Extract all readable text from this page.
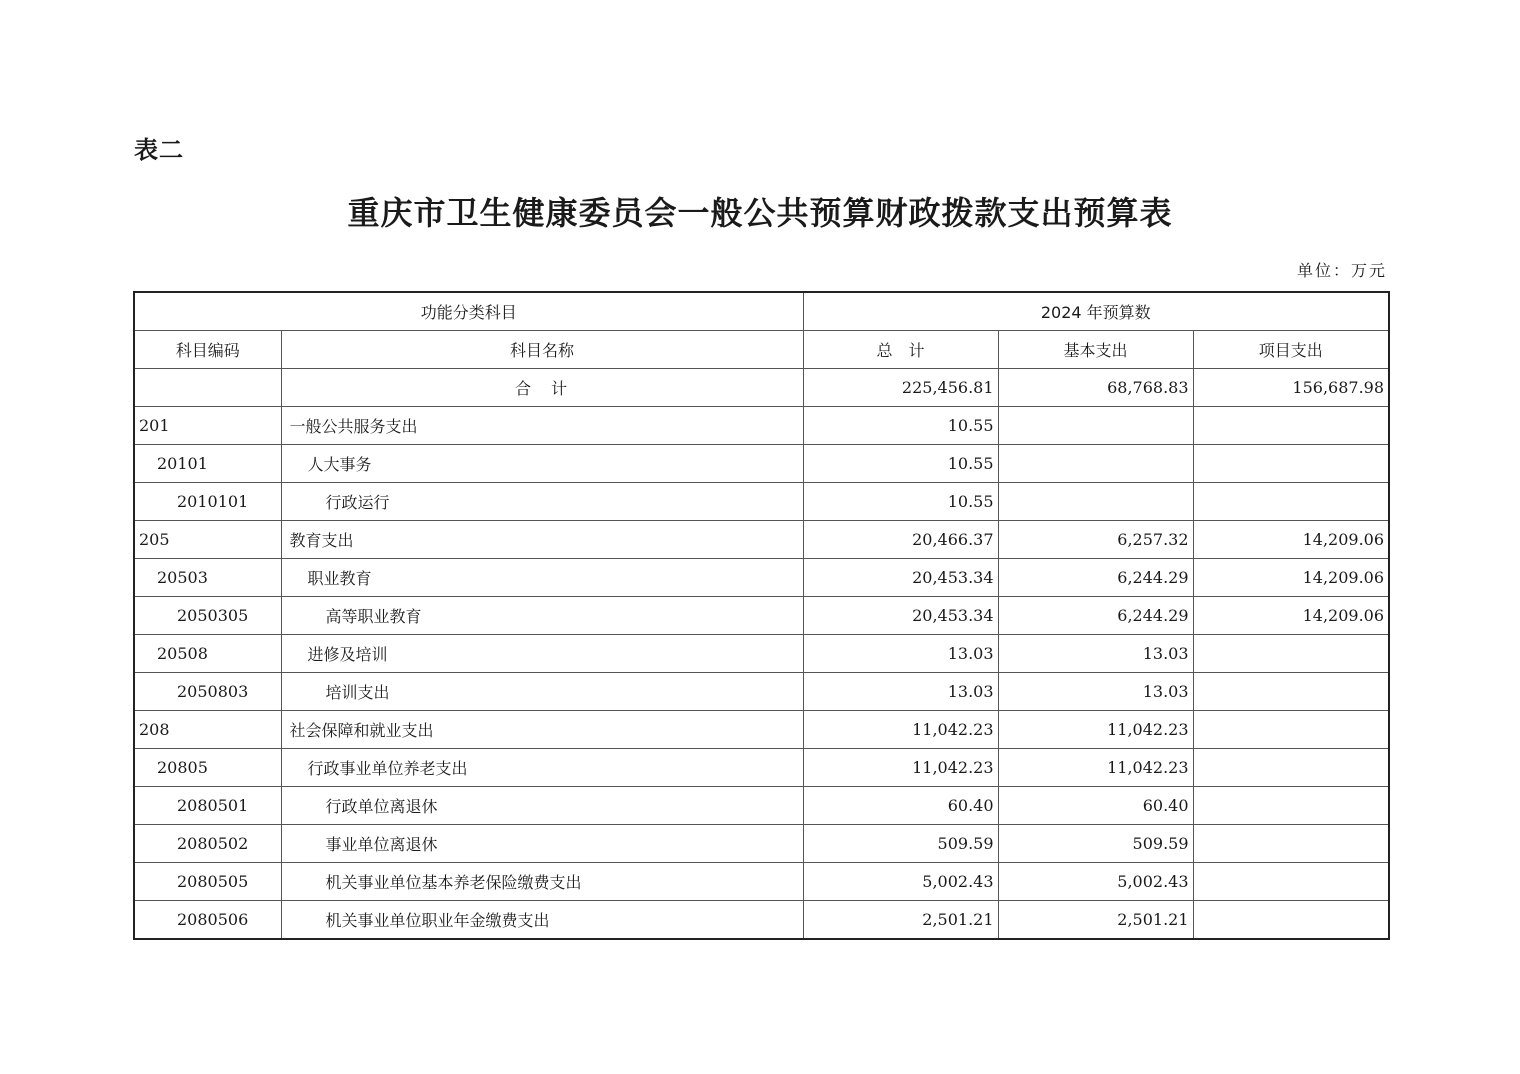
表二
重庆市卫生健康委员会一般公共预算财政拨款支出预算表
单位：万元
功能分类科目		2024 年预算数		
科目编码	科目名称	总　计	基本支出	项目支出
	合　计	225,456.81	68,768.83	156,687.98
201	一般公共服务支出	10.55		
20101	人大事务	10.55		
2010101	行政运行	10.55		
205	教育支出	20,466.37	6,257.32	14,209.06
20503	职业教育	20,453.34	6,244.29	14,209.06
2050305	高等职业教育	20,453.34	6,244.29	14,209.06
20508	进修及培训	13.03	13.03	
2050803	培训支出	13.03	13.03	
208	社会保障和就业支出	11,042.23	11,042.23	
20805	行政事业单位养老支出	11,042.23	11,042.23	
2080501	行政单位离退休	60.40	60.40	
2080502	事业单位离退休	509.59	509.59	
2080505	机关事业单位基本养老保险缴费支出	5,002.43	5,002.43	
2080506	机关事业单位职业年金缴费支出	2,501.21	2,501.21	
